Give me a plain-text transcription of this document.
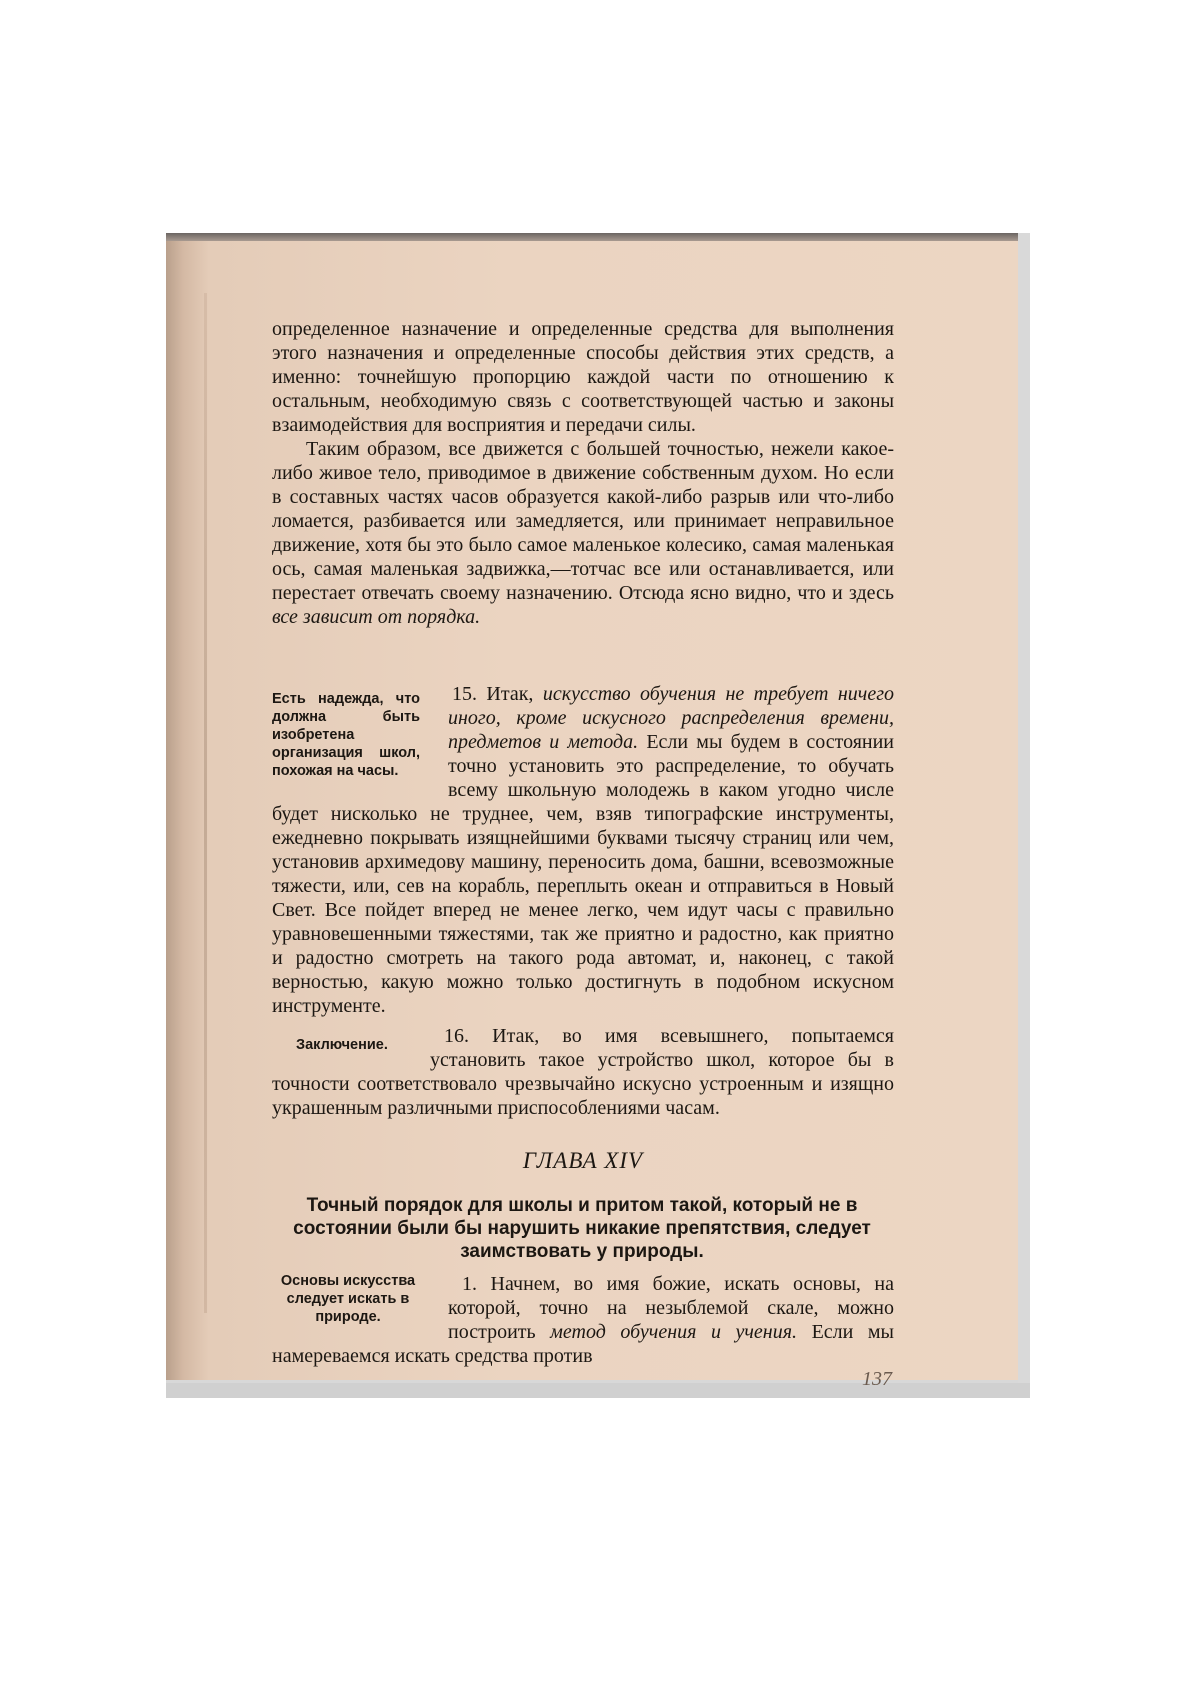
определенное назначение и определенные средства для выполнения этого назначения и определенные способы действия этих средств, а именно: точнейшую пропорцию каждой части по отношению к остальным, необходимую связь с соответствующей частью и законы взаимодействия для восприятия и передачи силы.

Таким образом, все движется с большей точностью, нежели какое-либо живое тело, приводимое в движение собственным духом. Но если в составных частях часов образуется какой-либо разрыв или что-либо ломается, разбивается или замедляется, или принимает неправильное движение, хотя бы это было самое маленькое колесико, самая маленькая ось, самая маленькая задвижка,—тотчас все или останавливается, или перестает отвечать своему назначению. Отсюда ясно видно, что и здесь все зависит от порядка.

Есть надежда, что должна быть изобретена организация школ, похожая на часы.

15. Итак, искусство обучения не требует ничего иного, кроме искусного распределения времени, предметов и метода. Если мы будем в состоянии точно установить это распределение, то обучать всему школьную молодежь в каком угодно числе будет нисколько не труднее, чем, взяв типографские инструменты, ежедневно покрывать изящнейшими буквами тысячу страниц или чем, установив архимедову машину, переносить дома, башни, всевозможные тяжести, или, сев на корабль, переплыть океан и отправиться в Новый Свет. Все пойдет вперед не менее легко, чем идут часы с правильно уравновешенными тяжестями, так же приятно и радостно, как приятно и радостно смотреть на такого рода автомат, и, наконец, с такой верностью, какую можно только достигнуть в подобном искусном инструменте.

Заключение.	16. Итак, во имя всевышнего, попытаемся установить такое устройство школ, которое бы в точности соответствовало чрезвычайно искусно устроенным и изящно украшенным различными приспособлениями часам.

ГЛАВА XIV
Точный порядок для школы и притом такой, который не в состоянии были бы нарушить никакие препятствия, следует заимствовать у природы.
Основы искусства следует искать в природе.

1. Начнем, во имя божие, искать основы, на которой, точно на незыблемой скале, можно построить метод обучения и учения. Если мы намереваемся искать средства против

137
